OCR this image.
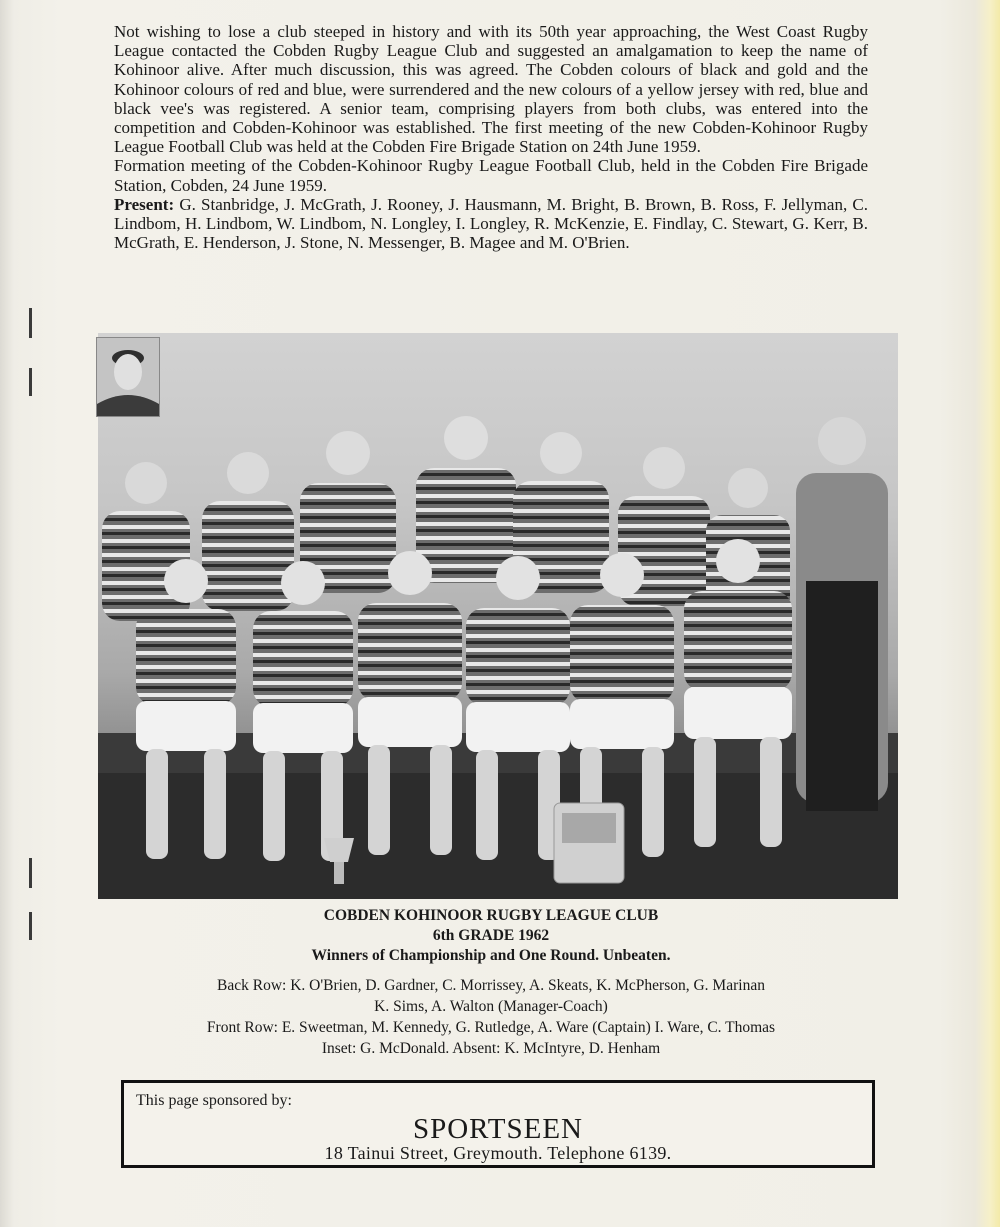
Not wishing to lose a club steeped in history and with its 50th year approaching, the West Coast Rugby League contacted the Cobden Rugby League Club and suggested an amalgamation to keep the name of Kohinoor alive. After much discussion, this was agreed. The Cobden colours of black and gold and the Kohinoor colours of red and blue, were surrendered and the new colours of a yellow jersey with red, blue and black vee's was registered. A senior team, comprising players from both clubs, was entered into the competition and Cobden-Kohinoor was established. The first meeting of the new Cobden-Kohinoor Rugby League Football Club was held at the Cobden Fire Brigade Station on 24th June 1959.

Formation meeting of the Cobden-Kohinoor Rugby League Football Club, held in the Cobden Fire Brigade Station, Cobden, 24 June 1959.

Present: G. Stanbridge, J. McGrath, J. Rooney, J. Hausmann, M. Bright, B. Brown, B. Ross, F. Jellyman, C. Lindbom, H. Lindbom, W. Lindbom, N. Longley, I. Longley, R. McKenzie, E. Findlay, C. Stewart, G. Kerr, B. McGrath, E. Henderson, J. Stone, N. Messenger, B. Magee and M. O'Brien.

COBDEN KOHINOOR RUGBY LEAGUE CLUB
6th GRADE 1962
Winners of Championship and One Round. Unbeaten.
Back Row: K. O'Brien, D. Gardner, C. Morrissey, A. Skeats, K. McPherson, G. Marinan
K. Sims, A. Walton (Manager-Coach)
Front Row: E. Sweetman, M. Kennedy, G. Rutledge, A. Ware (Captain) I. Ware, C. Thomas
Inset: G. McDonald. Absent: K. McIntyre, D. Henham
This page sponsored by:
SPORTSEEN
18 Tainui Street, Greymouth. Telephone 6139.
